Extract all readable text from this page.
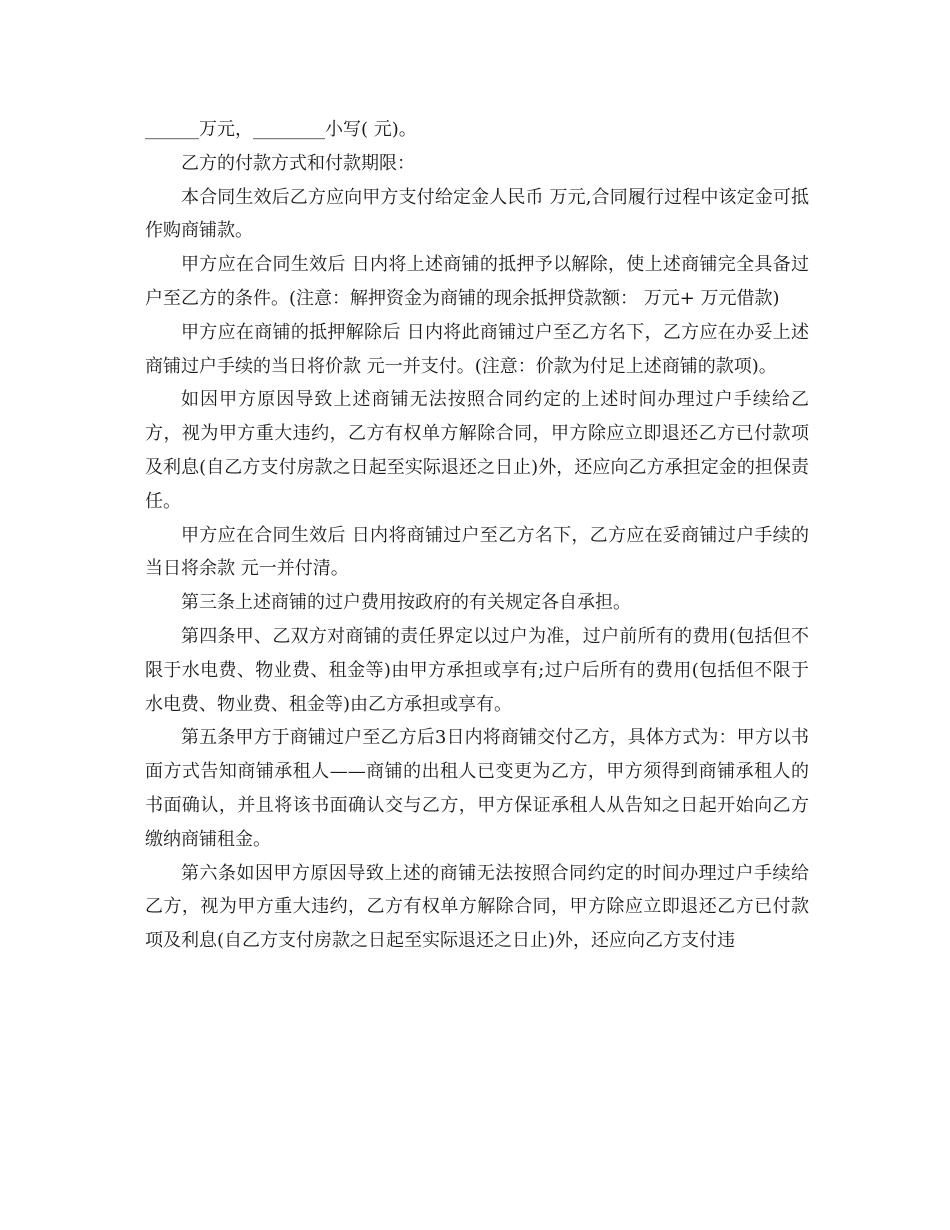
______万元，________小写( 元)。

乙方的付款方式和付款期限：

本合同生效后乙方应向甲方支付给定金人民币 万元,合同履行过程中该定金可抵作购商铺款。

甲方应在合同生效后 日内将上述商铺的抵押予以解除，使上述商铺完全具备过户至乙方的条件。(注意：解押资金为商铺的现余抵押贷款额： 万元+ 万元借款)

甲方应在商铺的抵押解除后 日内将此商铺过户至乙方名下，乙方应在办妥上述商铺过户手续的当日将价款 元一并支付。(注意：价款为付足上述商铺的款项)。

如因甲方原因导致上述商铺无法按照合同约定的上述时间办理过户手续给乙方，视为甲方重大违约，乙方有权单方解除合同，甲方除应立即退还乙方已付款项及利息(自乙方支付房款之日起至实际退还之日止)外，还应向乙方承担定金的担保责任。

甲方应在合同生效后 日内将商铺过户至乙方名下，乙方应在妥商铺过户手续的当日将余款 元一并付清。

第三条上述商铺的过户费用按政府的有关规定各自承担。

第四条甲、乙双方对商铺的责任界定以过户为准，过户前所有的费用(包括但不限于水电费、物业费、租金等)由甲方承担或享有;过户后所有的费用(包括但不限于水电费、物业费、租金等)由乙方承担或享有。

第五条甲方于商铺过户至乙方后3日内将商铺交付乙方，具体方式为：甲方以书面方式告知商铺承租人——商铺的出租人已变更为乙方，甲方须得到商铺承租人的书面确认，并且将该书面确认交与乙方，甲方保证承租人从告知之日起开始向乙方缴纳商铺租金。

第六条如因甲方原因导致上述的商铺无法按照合同约定的时间办理过户手续给乙方，视为甲方重大违约，乙方有权单方解除合同，甲方除应立即退还乙方已付款项及利息(自乙方支付房款之日起至实际退还之日止)外，还应向乙方支付违
